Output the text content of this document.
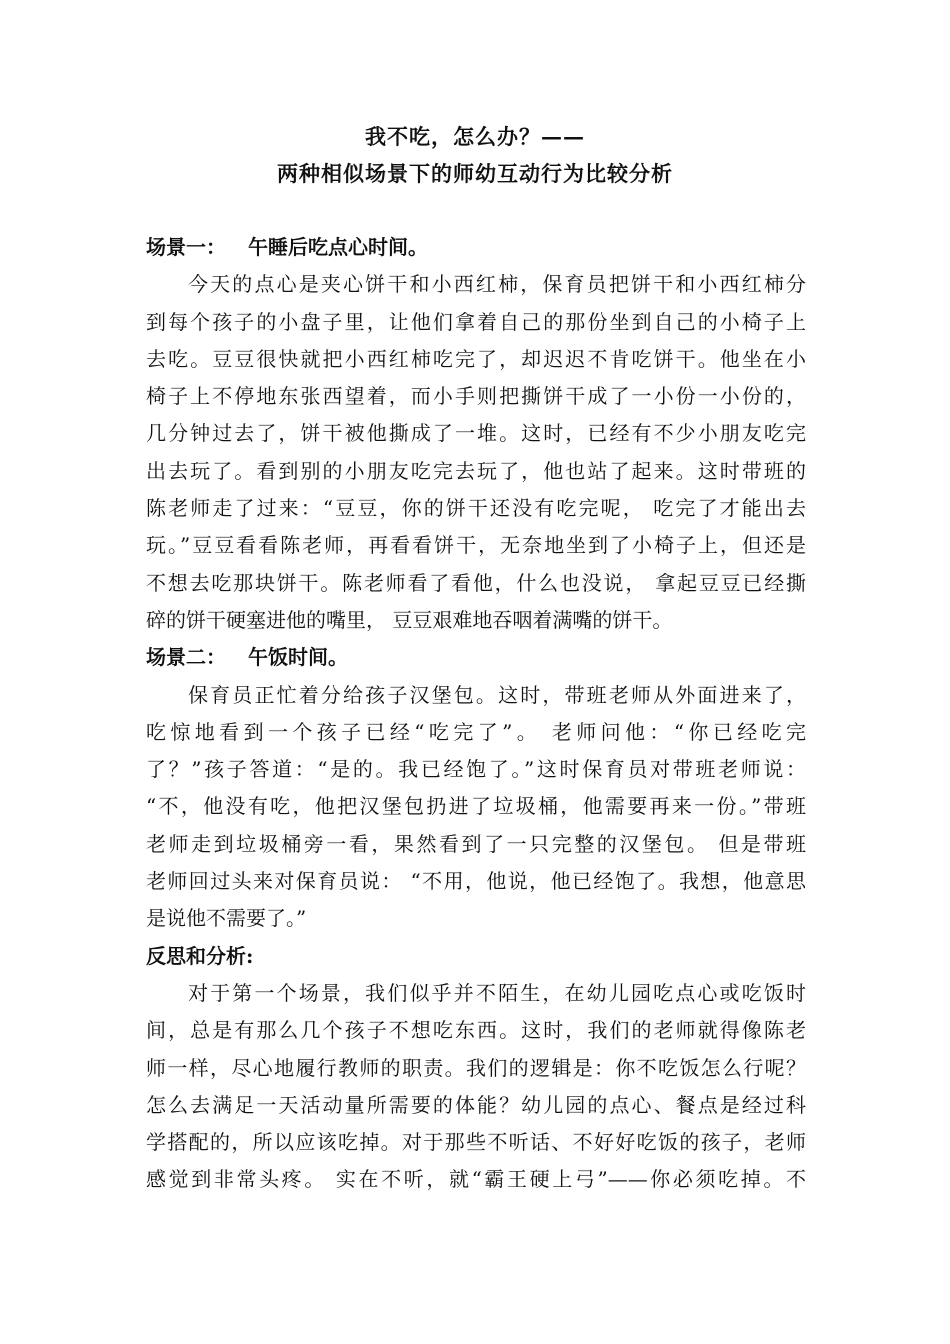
我不吃，怎么办？——
两种相似场景下的师幼互动行为比较分析
场景一： 午睡后吃点心时间。
今天的点心是夹心饼干和小西红柿，保育员把饼干和小西红柿分
到每个孩子的小盘子里，让他们拿着自己的那份坐到自己的小椅子上
去吃。豆豆很快就把小西红柿吃完了，却迟迟不肯吃饼干。他坐在小
椅子上不停地东张西望着，而小手则把撕饼干成了一小份一小份的，
几分钟过去了，饼干被他撕成了一堆。这时，已经有不少小朋友吃完
出去玩了。看到别的小朋友吃完去玩了，他也站了起来。这时带班的
陈老师走了过来：“豆豆，你的饼干还没有吃完呢， 吃完了才能出去
玩。”豆豆看看陈老师，再看看饼干，无奈地坐到了小椅子上，但还是
不想去吃那块饼干。陈老师看了看他，什么也没说， 拿起豆豆已经撕
碎的饼干硬塞进他的嘴里， 豆豆艰难地吞咽着满嘴的饼干。
场景二： 午饭时间。
保育员正忙着分给孩子汉堡包。这时，带班老师从外面进来了，
吃惊地看到一个孩子已经“吃完了”。 老师问他：“你已经吃完
了？”孩子答道：“是的。我已经饱了。”这时保育员对带班老师说：
“不，他没有吃，他把汉堡包扔进了垃圾桶，他需要再来一份。”带班
老师走到垃圾桶旁一看，果然看到了一只完整的汉堡包。 但是带班
老师回过头来对保育员说： “不用，他说，他已经饱了。我想，他意思
是说他不需要了。”
反思和分析:
对于第一个场景，我们似乎并不陌生，在幼儿园吃点心或吃饭时
间，总是有那么几个孩子不想吃东西。这时，我们的老师就得像陈老
师一样，尽心地履行教师的职责。我们的逻辑是：你不吃饭怎么行呢？
怎么去满足一天活动量所需要的体能？幼儿园的点心、餐点是经过科
学搭配的，所以应该吃掉。对于那些不听话、不好好吃饭的孩子，老师
感觉到非常头疼。 实在不听，就“霸王硬上弓”——你必须吃掉。不
